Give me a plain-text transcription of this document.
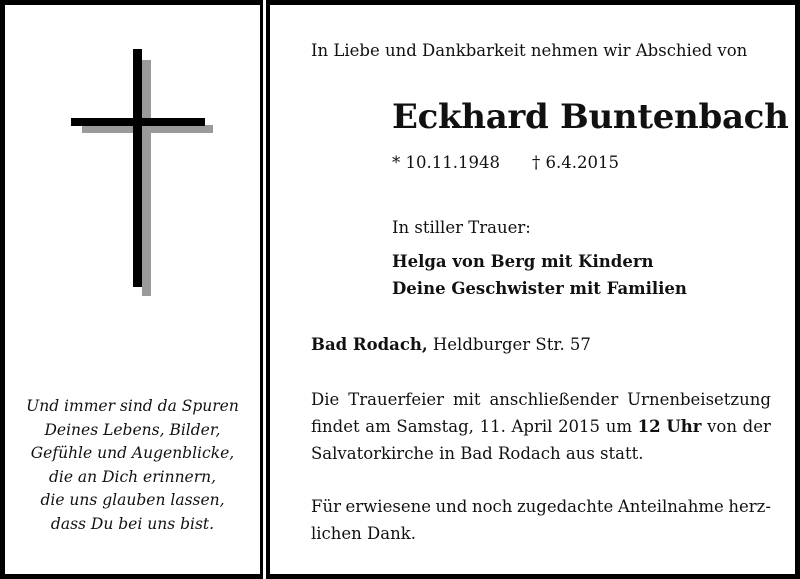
Und immer sind da Spuren
Deines Lebens, Bilder,
Gefühle und Augenblicke,
die an Dich erinnern,
die uns glauben lassen,
dass Du bei uns bist.
In Liebe und Dankbarkeit nehmen wir Abschied von
Eckhard Buntenbach
* 10.11.1948 † 6.4.2015
In stiller Trauer:
Helga von Berg mit Kindern
Deine Geschwister mit Familien
Bad Rodach, Heldburger Str. 57
Die Trauerfeier mit anschließender Urnenbeisetzung
findet am Samstag, 11. April 2015 um 12 Uhr von der
Salvatorkirche in Bad Rodach aus statt.
Für erwiesene und noch zugedachte Anteilnahme herz-
lichen Dank.
